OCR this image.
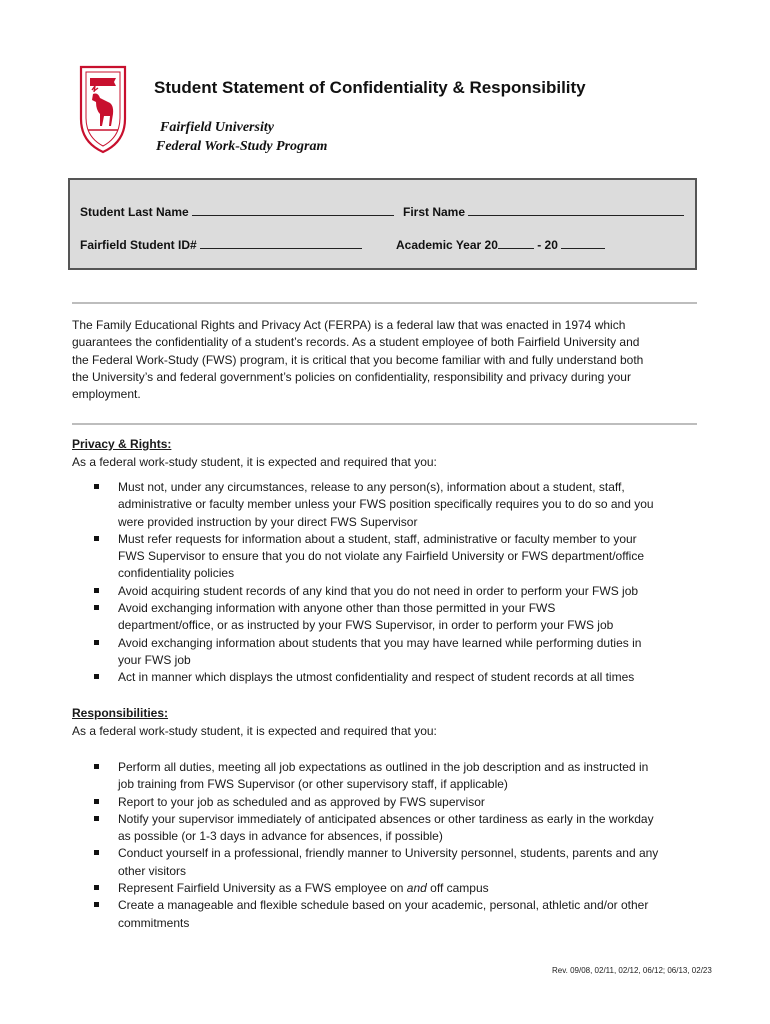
Student Statement of Confidentiality & Responsibility
Fairfield University
Federal Work-Study Program
Student Last Name	First Name
Fairfield Student ID#	Academic Year 20	- 20

The Family Educational Rights and Privacy Act (FERPA) is a federal law that was enacted in 1974 which

guarantees the confidentiality of a student’s records. As a student employee of both Fairfield University and

the Federal Work-Study (FWS) program, it is critical that you become familiar with and fully understand both

the University’s and federal government’s policies on confidentiality, responsibility and privacy during your

employment.

Privacy & Rights:
As a federal work-study student, it is expected and required that you:
Must not, under any circumstances, release to any person(s), information about a student, staff,
administrative or faculty member unless your FWS position specifically requires you to do so and you
were provided instruction by your direct FWS Supervisor
Must refer requests for information about a student, staff, administrative or faculty member to your
FWS Supervisor to ensure that you do not violate any Fairfield University or FWS department/office
confidentiality policies
Avoid acquiring student records of any kind that you do not need in order to perform your FWS job
Avoid exchanging information with anyone other than those permitted in your FWS
department/office, or as instructed by your FWS Supervisor, in order to perform your FWS job
Avoid exchanging information about students that you may have learned while performing duties in
your FWS job
Act in manner which displays the utmost confidentiality and respect of student records at all times
Responsibilities:
As a federal work-study student, it is expected and required that you:
Perform all duties, meeting all job expectations as outlined in the job description and as instructed in
job training from FWS Supervisor (or other supervisory staff, if applicable)
Report to your job as scheduled and as approved by FWS supervisor
Notify your supervisor immediately of anticipated absences or other tardiness as early in the workday
as possible (or 1-3 days in advance for absences, if possible)
Conduct yourself in a professional, friendly manner to University personnel, students, parents and any
other visitors
Represent Fairfield University as a FWS employee on and off campus
Create a manageable and flexible schedule based on your academic, personal, athletic and/or other
commitments
Rev. 09/08, 02/11, 02/12, 06/12; 06/13, 02/23
